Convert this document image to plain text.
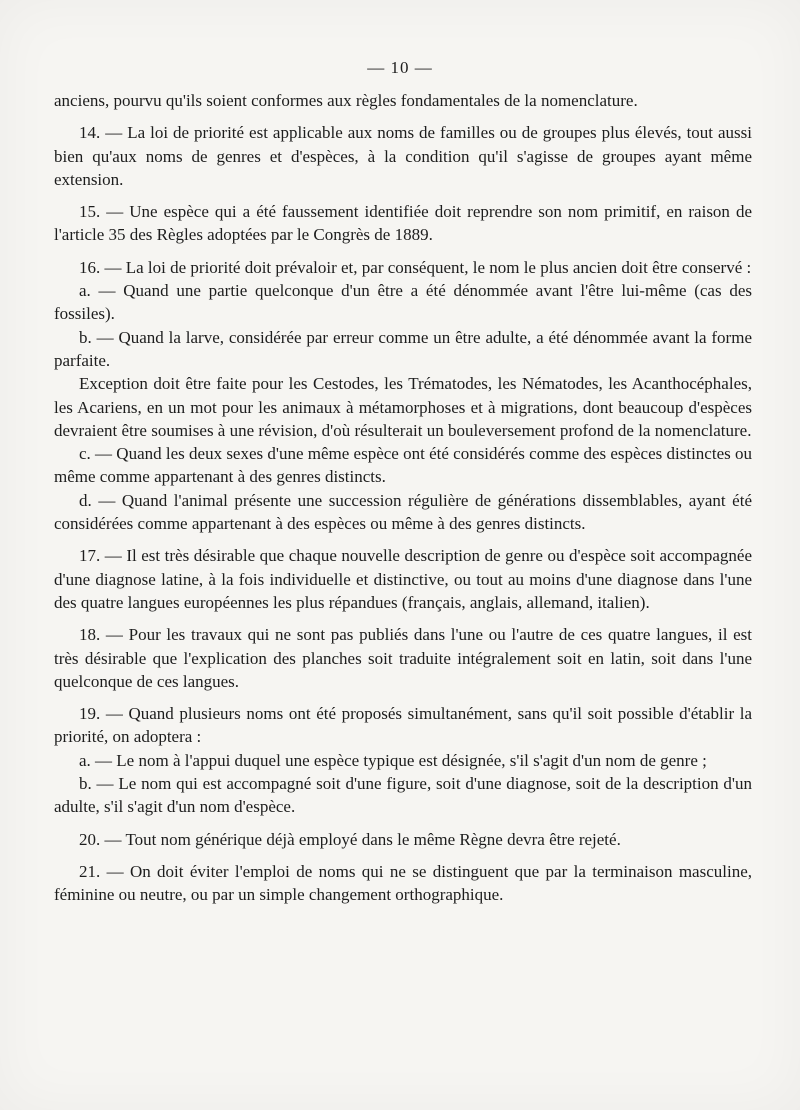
— 10 —

anciens, pourvu qu'ils soient conformes aux règles fondamentales de la nomenclature.

14. — La loi de priorité est applicable aux noms de familles ou de groupes plus élevés, tout aussi bien qu'aux noms de genres et d'espèces, à la condition qu'il s'agisse de groupes ayant même extension.

15. — Une espèce qui a été faussement identifiée doit reprendre son nom primitif, en raison de l'article 35 des Règles adoptées par le Congrès de 1889.

16. — La loi de priorité doit prévaloir et, par conséquent, le nom le plus ancien doit être conservé :

a. — Quand une partie quelconque d'un être a été dénommée avant l'être lui-même (cas des fossiles).

b. — Quand la larve, considérée par erreur comme un être adulte, a été dénommée avant la forme parfaite.

Exception doit être faite pour les Cestodes, les Trématodes, les Nématodes, les Acanthocéphales, les Acariens, en un mot pour les animaux à métamorphoses et à migrations, dont beaucoup d'espèces devraient être soumises à une révision, d'où résulterait un bouleversement profond de la nomenclature.

c. — Quand les deux sexes d'une même espèce ont été considérés comme des espèces distinctes ou même comme appartenant à des genres distincts.

d. — Quand l'animal présente une succession régulière de générations dissemblables, ayant été considérées comme appartenant à des espèces ou même à des genres distincts.

17. — Il est très désirable que chaque nouvelle description de genre ou d'espèce soit accompagnée d'une diagnose latine, à la fois individuelle et distinctive, ou tout au moins d'une diagnose dans l'une des quatre langues européennes les plus répandues (français, anglais, allemand, italien).

18. — Pour les travaux qui ne sont pas publiés dans l'une ou l'autre de ces quatre langues, il est très désirable que l'explication des planches soit traduite intégralement soit en latin, soit dans l'une quelconque de ces langues.

19. — Quand plusieurs noms ont été proposés simultanément, sans qu'il soit possible d'établir la priorité, on adoptera :

a. — Le nom à l'appui duquel une espèce typique est désignée, s'il s'agit d'un nom de genre ;

b. — Le nom qui est accompagné soit d'une figure, soit d'une diagnose, soit de la description d'un adulte, s'il s'agit d'un nom d'espèce.

20. — Tout nom générique déjà employé dans le même Règne devra être rejeté.

21. — On doit éviter l'emploi de noms qui ne se distinguent que par la terminaison masculine, féminine ou neutre, ou par un simple changement orthographique.
